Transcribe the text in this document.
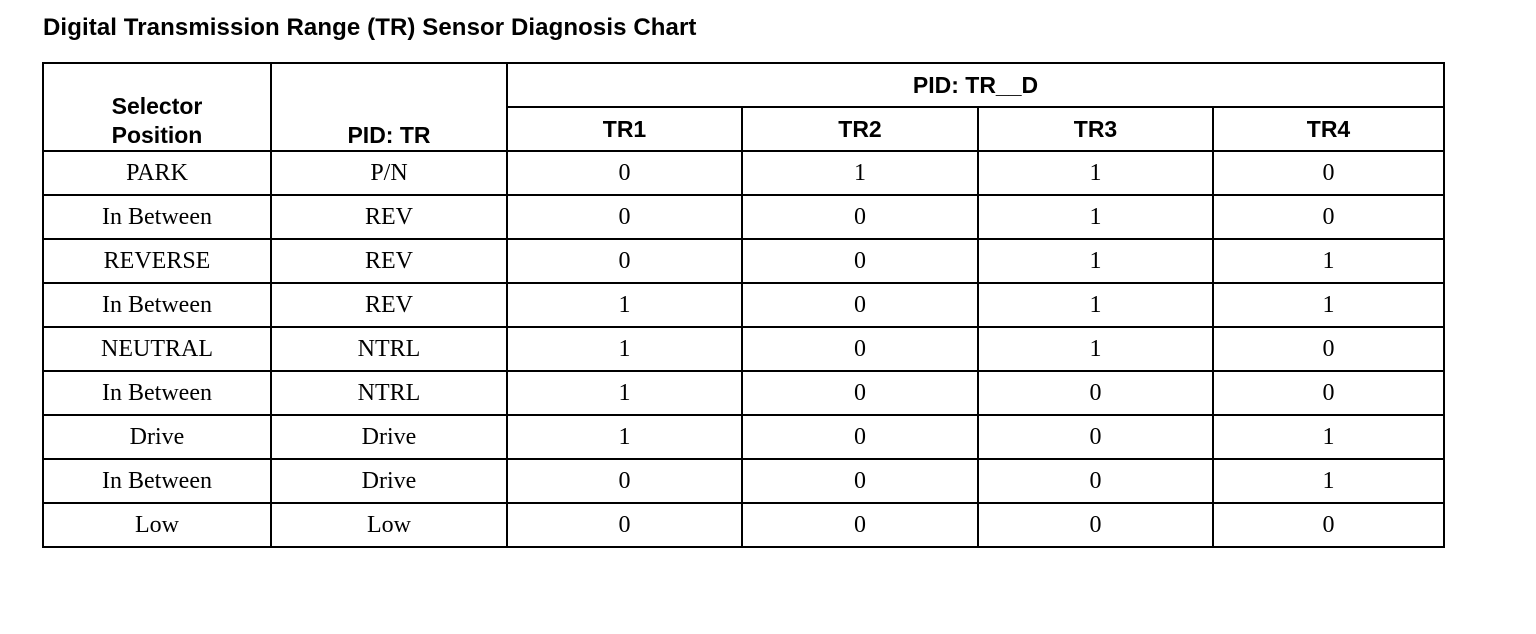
Digital Transmission Range (TR) Sensor Diagnosis Chart
Selector
Position	PID: TR	PID: TR__D			
		TR1	TR2	TR3	TR4
PARK	P/N	0	1	1	0
In Between	REV	0	0	1	0
REVERSE	REV	0	0	1	1
In Between	REV	1	0	1	1
NEUTRAL	NTRL	1	0	1	0
In Between	NTRL	1	0	0	0
Drive	Drive	1	0	0	1
In Between	Drive	0	0	0	1
Low	Low	0	0	0	0
